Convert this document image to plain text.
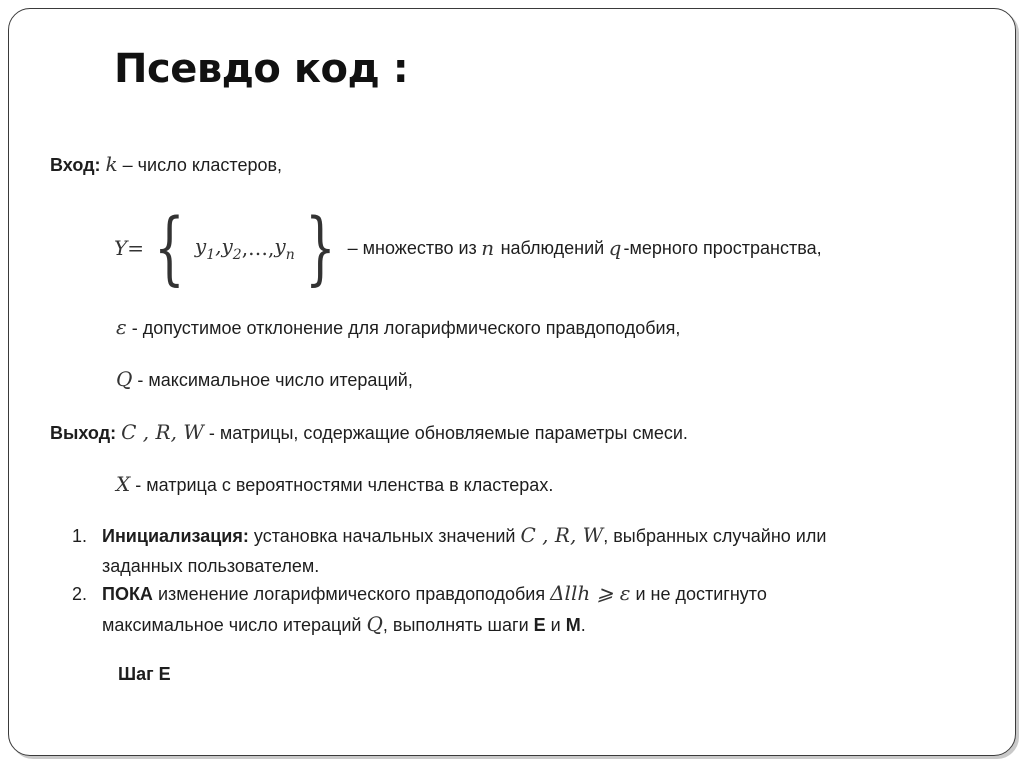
Псевдо код :
Вход: k – число кластеров,
Y = { $y_1$, $y_2$ ,…, $y_n$ } – множество из
n
наблюдений
q -мерного пространства,
ε - допустимое отклонение для логарифмического правдоподобия,
Q - максимальное число итераций,
Выход: C , R, W - матрицы, содержащие обновляемые параметры смеси.
X - матрица с вероятностями членства в кластерах.
1. Инициализация: установка начальных значений C , R, W, выбранных случайно или
заданных пользователем.
2. ПОКА изменение логарифмического правдоподобия Δllh ⩾ ε и не достигнуто
максимальное число итераций Q, выполнять шаги E и M.
Шаг Е
